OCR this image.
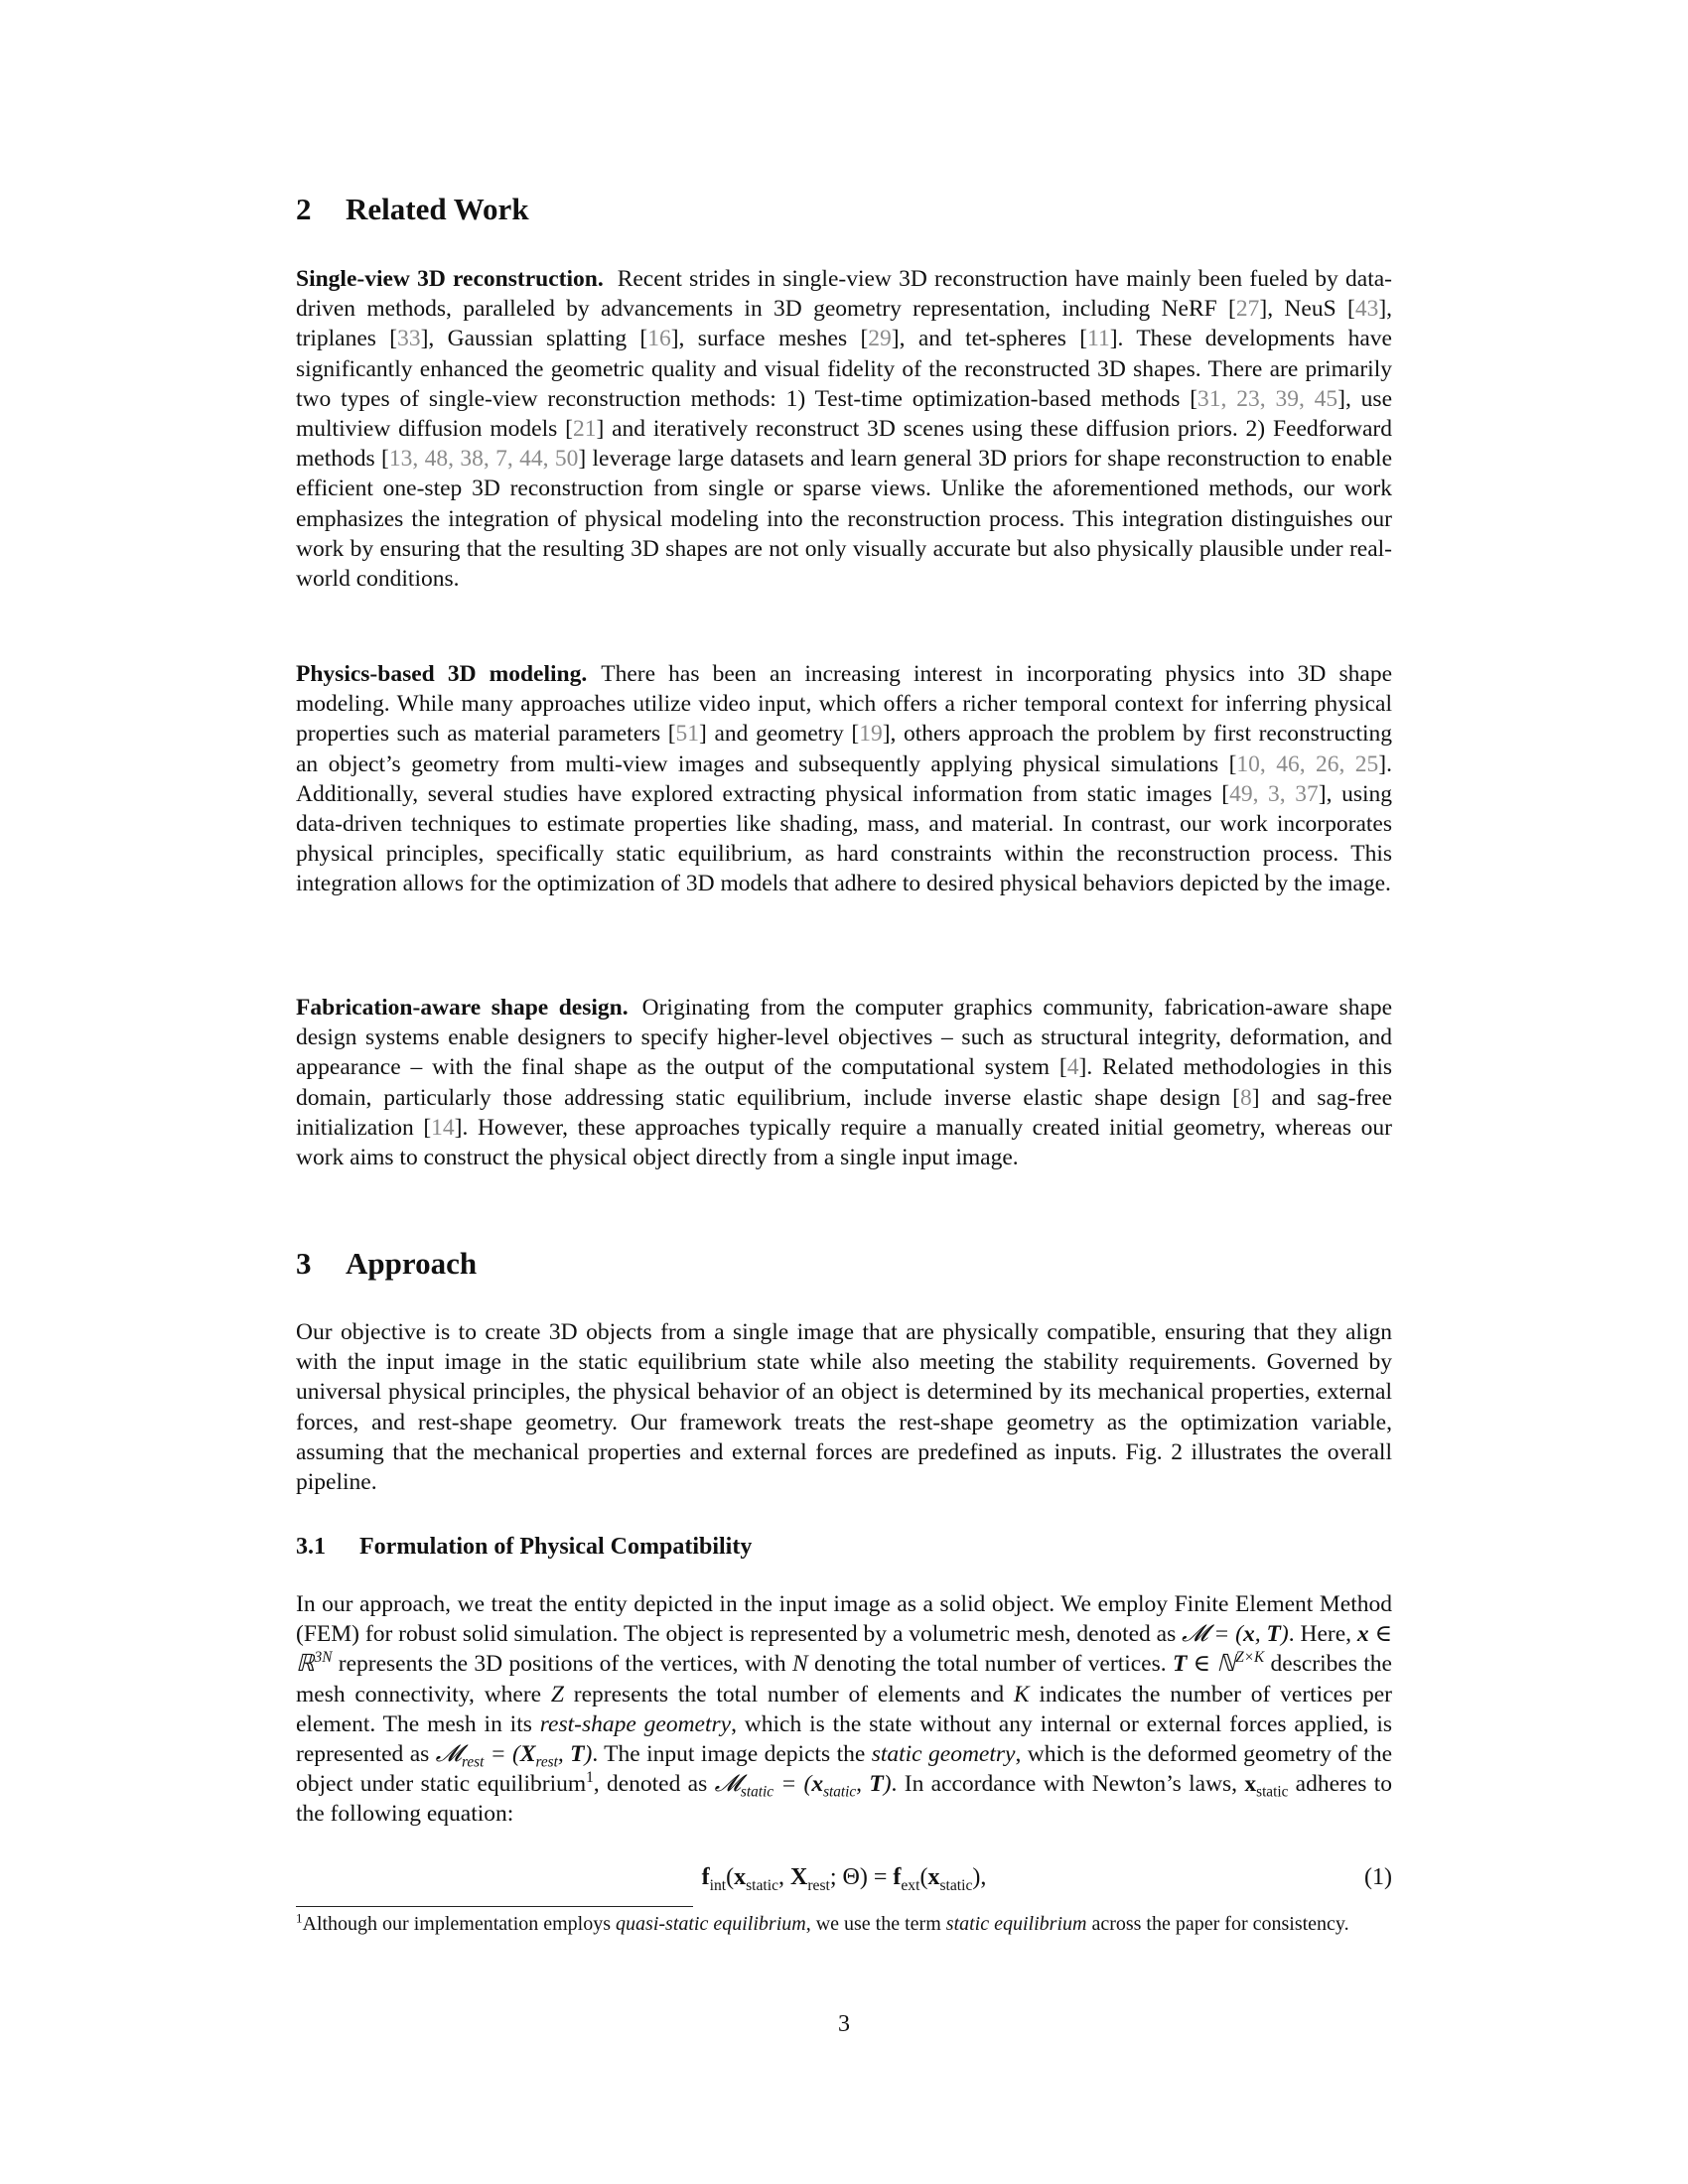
2 Related Work
Single-view 3D reconstruction. Recent strides in single-view 3D reconstruction have mainly been fueled by data-driven methods, paralleled by advancements in 3D geometry representation, including NeRF [27], NeuS [43], triplanes [33], Gaussian splatting [16], surface meshes [29], and tet-spheres [11]. These developments have significantly enhanced the geometric quality and visual fidelity of the reconstructed 3D shapes. There are primarily two types of single-view reconstruction methods: 1) Test-time optimization-based methods [31, 23, 39, 45], use multiview diffusion models [21] and iteratively reconstruct 3D scenes using these diffusion priors. 2) Feedforward methods [13, 48, 38, 7, 44, 50] leverage large datasets and learn general 3D priors for shape reconstruction to enable efficient one-step 3D reconstruction from single or sparse views. Unlike the aforementioned methods, our work emphasizes the integration of physical modeling into the reconstruction process. This integration distinguishes our work by ensuring that the resulting 3D shapes are not only visually accurate but also physically plausible under real-world conditions.
Physics-based 3D modeling. There has been an increasing interest in incorporating physics into 3D shape modeling. While many approaches utilize video input, which offers a richer temporal context for inferring physical properties such as material parameters [51] and geometry [19], others approach the problem by first reconstructing an object’s geometry from multi-view images and subsequently applying physical simulations [10, 46, 26, 25]. Additionally, several studies have explored extracting physical information from static images [49, 3, 37], using data-driven techniques to estimate properties like shading, mass, and material. In contrast, our work incorporates physical principles, specifically static equilibrium, as hard constraints within the reconstruction process. This integration allows for the optimization of 3D models that adhere to desired physical behaviors depicted by the image.
Fabrication-aware shape design. Originating from the computer graphics community, fabrication-aware shape design systems enable designers to specify higher-level objectives – such as structural integrity, deformation, and appearance – with the final shape as the output of the computational system [4]. Related methodologies in this domain, particularly those addressing static equilibrium, include inverse elastic shape design [8] and sag-free initialization [14]. However, these approaches typically require a manually created initial geometry, whereas our work aims to construct the physical object directly from a single input image.
3 Approach
Our objective is to create 3D objects from a single image that are physically compatible, ensuring that they align with the input image in the static equilibrium state while also meeting the stability requirements. Governed by universal physical principles, the physical behavior of an object is determined by its mechanical properties, external forces, and rest-shape geometry. Our framework treats the rest-shape geometry as the optimization variable, assuming that the mechanical properties and external forces are predefined as inputs. Fig. 2 illustrates the overall pipeline.
3.1 Formulation of Physical Compatibility
In our approach, we treat the entity depicted in the input image as a solid object. We employ Finite Element Method (FEM) for robust solid simulation. The object is represented by a volumetric mesh, denoted as 𝓜 = (x, T). Here, x ∈ ℝ$^{3N}$ represents the 3D positions of the vertices, with N denoting the total number of vertices. T ∈ ℕ$^{Z\times K}$ describes the mesh connectivity, where Z represents the total number of elements and K indicates the number of vertices per element. The mesh in its rest-shape geometry, which is the state without any internal or external forces applied, is represented as 𝓜$_{rest}$ = ($X_{rest}$, T). The input image depicts the static geometry, which is the deformed geometry of the object under static equilibrium$^1$, denoted as 𝓜$_{static}$ = ($x_{static}$, T). In accordance with Newton’s laws, $x_{static}$ adheres to the following equation:
$f_{int}(x_{static}$, $X_{rest}$; $\Theta) = f_{ext}(x_{static})$,	(1)
$^1$Although our implementation employs quasi-static equilibrium, we use the term static equilibrium across the paper for consistency.
3
